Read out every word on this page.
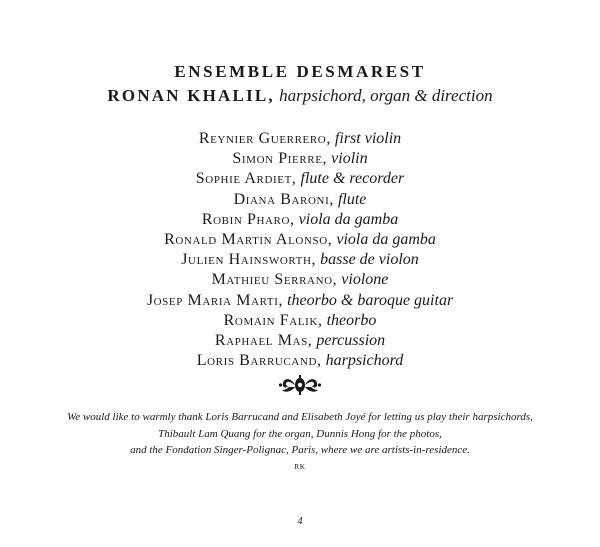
ENSEMBLE DESMAREST
RONAN KHALIL, harpsichord, organ & direction
Reynier Guerrero, first violin
Simon Pierre, violin
Sophie Ardiet, flute & recorder
Diana Baroni, flute
Robin Pharo, viola da gamba
Ronald Martin Alonso, viola da gamba
Julien Hainsworth, basse de violon
Mathieu Serrano, violone
Josep Maria Marti, theorbo & baroque guitar
Romain Falik, theorbo
Raphael Mas, percussion
Loris Barrucand, harpsichord
We would like to warmly thank Loris Barrucand and Elisabeth Joyé for letting us play their harpsichords,
Thibault Lam Quang for the organ, Dunnis Hong for the photos,
and the Fondation Singer-Polignac, Paris, where we are artists-in-residence.
RK
4
